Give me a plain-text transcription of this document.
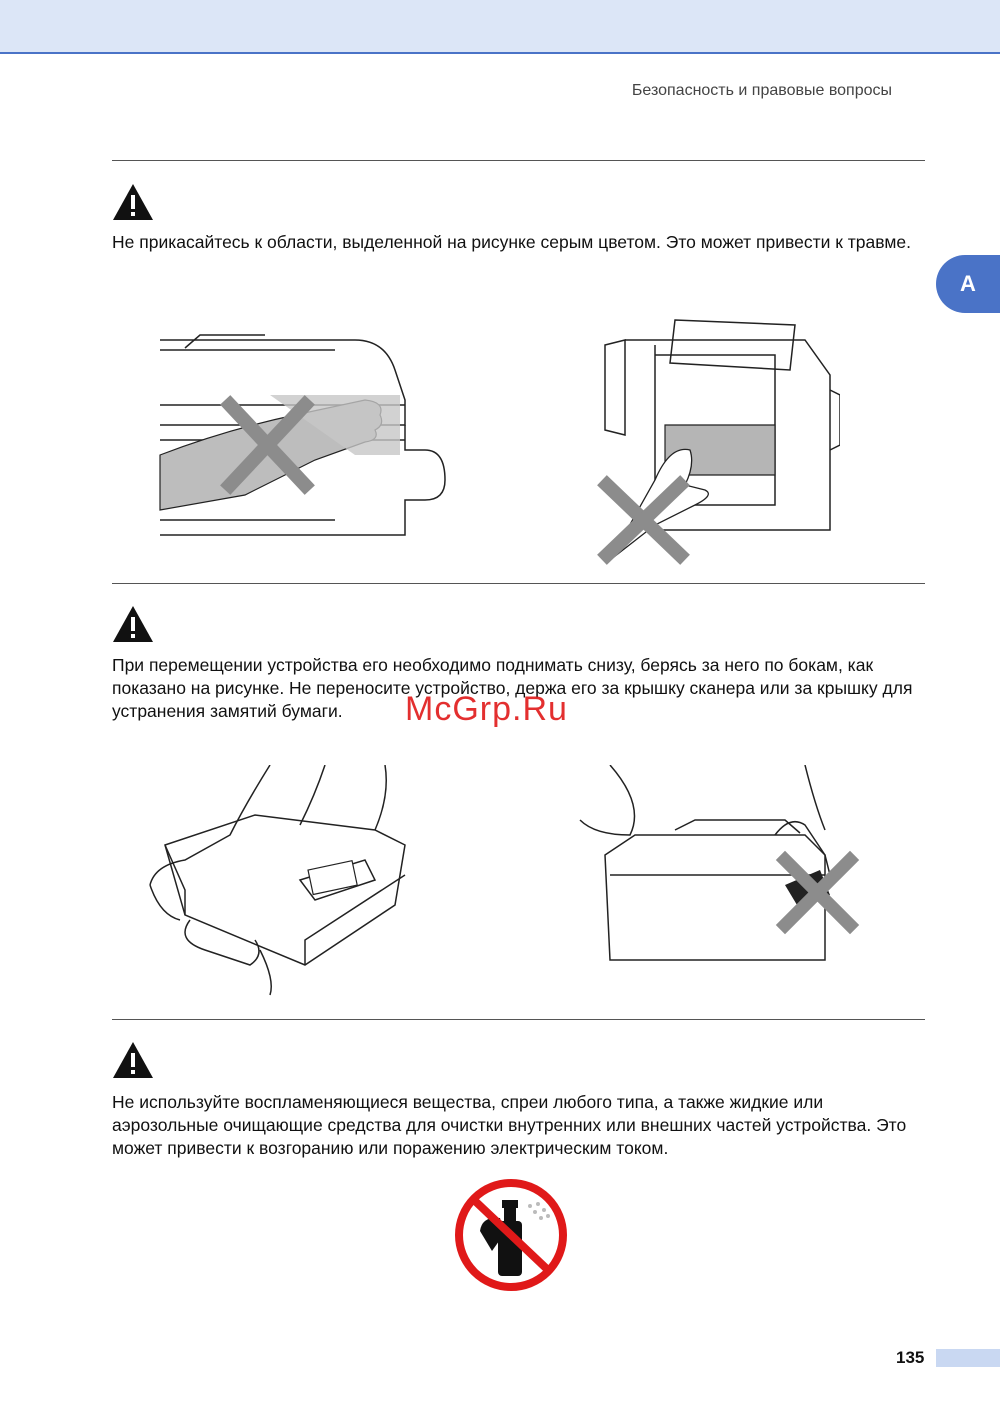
Безопасность и правовые вопросы
A
Не прикасайтесь к области, выделенной на рисунке серым цветом. Это может привести к травме.
При перемещении устройства его необходимо поднимать снизу, берясь за него по бокам, как показано на рисунке. Не переносите устройство, держа его за крышку сканера или за крышку для устранения замятий бумаги.	McGrp.Ru
Не используйте воспламеняющиеся вещества, спреи любого типа, а также жидкие или аэрозольные очищающие средства для очистки внутренних или внешних частей устройства. Это может привести к возгоранию или поражению электрическим током.
135
